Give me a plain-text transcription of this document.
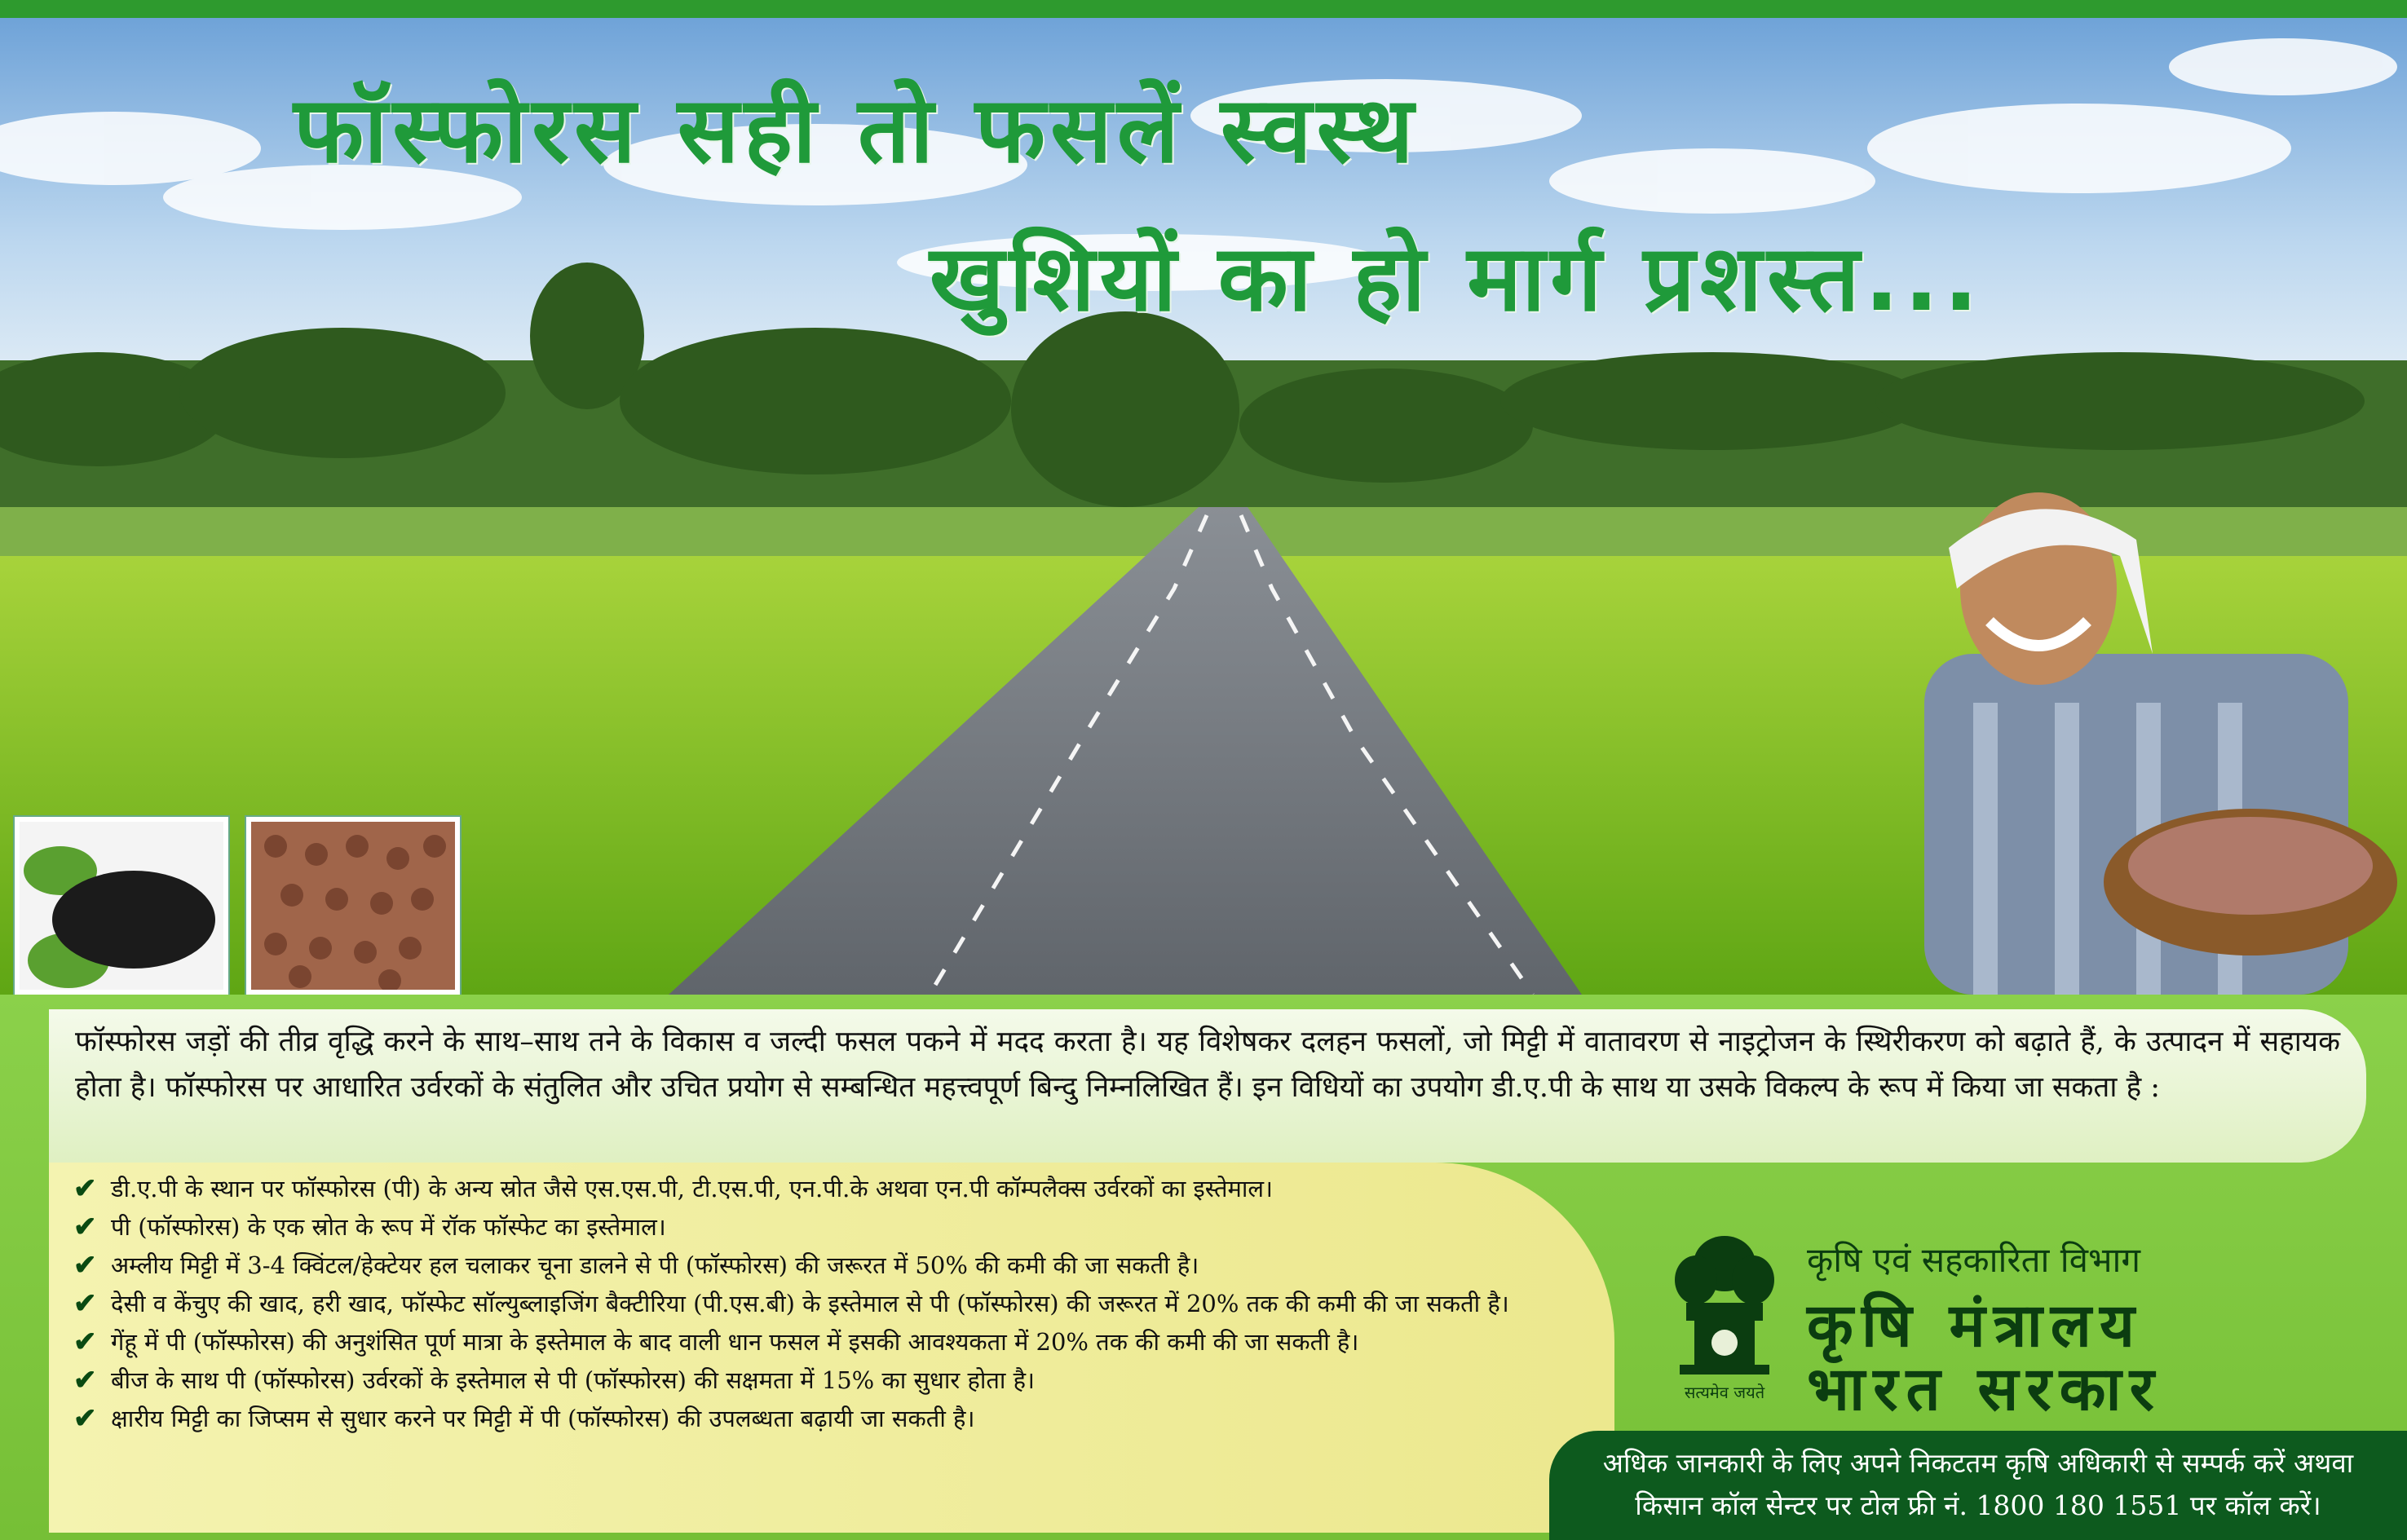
फॉस्फोरस सही तो फसलें स्वस्थ
खुशियों का हो मार्ग प्रशस्त...
फॉस्फोरस जड़ों की तीव्र वृद्धि करने के साथ–साथ तने के विकास व जल्दी फसल पकने में मदद करता है। यह विशेषकर दलहन फसलों, जो मिट्टी में वातावरण से नाइट्रोजन के स्थिरीकरण को बढ़ाते हैं, के उत्पादन में सहायक होता है। फॉस्फोरस पर आधारित उर्वरकों के संतुलित और उचित प्रयोग से सम्बन्धित महत्त्वपूर्ण बिन्दु निम्नलिखित हैं। इन विधियों का उपयोग डी.ए.पी के साथ या उसके विकल्प के रूप में किया जा सकता है :
✔ डी.ए.पी के स्थान पर फॉस्फोरस (पी) के अन्य स्रोत जैसे एस.एस.पी, टी.एस.पी, एन.पी.के अथवा एन.पी कॉम्पलैक्स उर्वरकों का इस्तेमाल।
✔ पी (फॉस्फोरस) के एक स्रोत के रूप में रॉक फॉस्फेट का इस्तेमाल।
✔ अम्लीय मिट्टी में 3-4 क्विंटल/हेक्टेयर हल चलाकर चूना डालने से पी (फॉस्फोरस) की जरूरत में 50% की कमी की जा सकती है।
✔ देसी व केंचुए की खाद, हरी खाद, फॉस्फेट सॉल्युब्लाइजिंग बैक्टीरिया (पी.एस.बी) के इस्तेमाल से पी (फॉस्फोरस) की जरूरत में 20% तक की कमी की जा सकती है।
✔ गेंहू में पी (फॉस्फोरस) की अनुशंसित पूर्ण मात्रा के इस्तेमाल के बाद वाली धान फसल में इसकी आवश्यकता में 20% तक की कमी की जा सकती है।
✔ बीज के साथ पी (फॉस्फोरस) उर्वरकों के इस्तेमाल से पी (फॉस्फोरस) की सक्षमता में 15% का सुधार होता है।
✔ क्षारीय मिट्टी का जिप्सम से सुधार करने पर मिट्टी में पी (फॉस्फोरस) की उपलब्धता बढ़ायी जा सकती है।
सत्यमेव जयते
कृषि एवं सहकारिता विभाग
कृषि मंत्रालय
भारत सरकार
अधिक जानकारी के लिए अपने निकटतम कृषि अधिकारी से सम्पर्क करें अथवा
किसान कॉल सेन्टर पर टोल फ्री नं. 1800 180 1551 पर कॉल करें।
